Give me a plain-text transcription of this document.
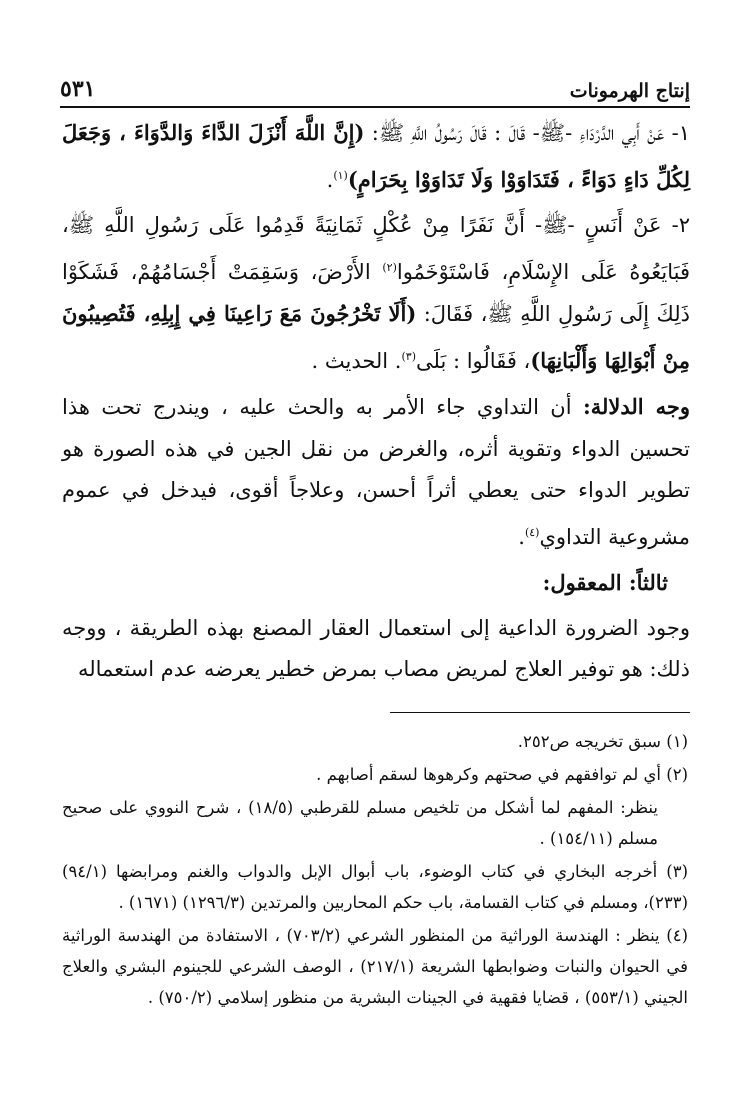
إنتاج الهرمونات
٥٣١

١- عَنْ أَبِي الدَّرْدَاءِ -ﷺ- قَالَ : قَالَ رَسُولُ اللَّهِ ﷺ: (إِنَّ اللَّهَ أَنْزَلَ الدَّاءَ وَالدَّوَاءَ ، وَجَعَلَ لِكُلِّ دَاءٍ دَوَاءً ، فَتَدَاوَوْا وَلَا تَدَاوَوْا بِحَرَامٍ)$^{(١)}$.

٢- عَنْ أَنَسٍ -ﷺ- أَنَّ نَفَرًا مِنْ عُكْلٍ ثَمَانِيَةً قَدِمُوا عَلَى رَسُولِ اللَّهِ ﷺ، فَبَايَعُوهُ عَلَى الإِسْلَامِ، فَاسْتَوْخَمُوا$^{(٢)}$ الأَرْضَ، وَسَقِمَتْ أَجْسَامُهُمْ، فَشَكَوْا ذَلِكَ إِلَى رَسُولِ اللَّهِ ﷺ، فَقَالَ: (أَلَا تَخْرُجُونَ مَعَ رَاعِينَا فِي إِبِلِهِ، فَتُصِيبُونَ مِنْ أَبْوَالِهَا وَأَلْبَانِهَا)، فَقَالُوا : بَلَى$^{(٣)}$. الحديث .

وجه الدلالة: أن التداوي جاء الأمر به والحث عليه ، ويندرج تحت هذا تحسين الدواء وتقوية أثره، والغرض من نقل الجين في هذه الصورة هو تطوير الدواء حتى يعطي أثراً أحسن، وعلاجاً أقوى، فيدخل في عموم مشروعية التداوي$^{(٤)}$.

ثالثاً: المعقول:

وجود الضرورة الداعية إلى استعمال العقار المصنع بهذه الطريقة ، ووجه ذلك: هو توفير العلاج لمريض مصاب بمرض خطير يعرضه عدم استعماله

(١) سبق تخريجه ص٢٥٢.

(٢) أي لم توافقهم في صحتهم وكرهوها لسقم أصابهم .

ينظر: المفهم لما أشكل من تلخيص مسلم للقرطبي (١٨/٥) ، شرح النووي على صحيح مسلم (١٥٤/١١) .

(٣) أخرجه البخاري في كتاب الوضوء، باب أبوال الإبل والدواب والغنم ومرابضها (٩٤/١) (٢٣٣)، ومسلم في كتاب القسامة، باب حكم المحاربين والمرتدين (١٢٩٦/٣) (١٦٧١) .

(٤) ينظر : الهندسة الوراثية من المنظور الشرعي (٧٠٣/٢) ، الاستفادة من الهندسة الوراثية في الحيوان والنبات وضوابطها الشريعة (٢١٧/١) ، الوصف الشرعي للجينوم البشري والعلاج الجيني (٥٥٣/١) ، قضايا فقهية في الجينات البشرية من منظور إسلامي (٧٥٠/٢) .
